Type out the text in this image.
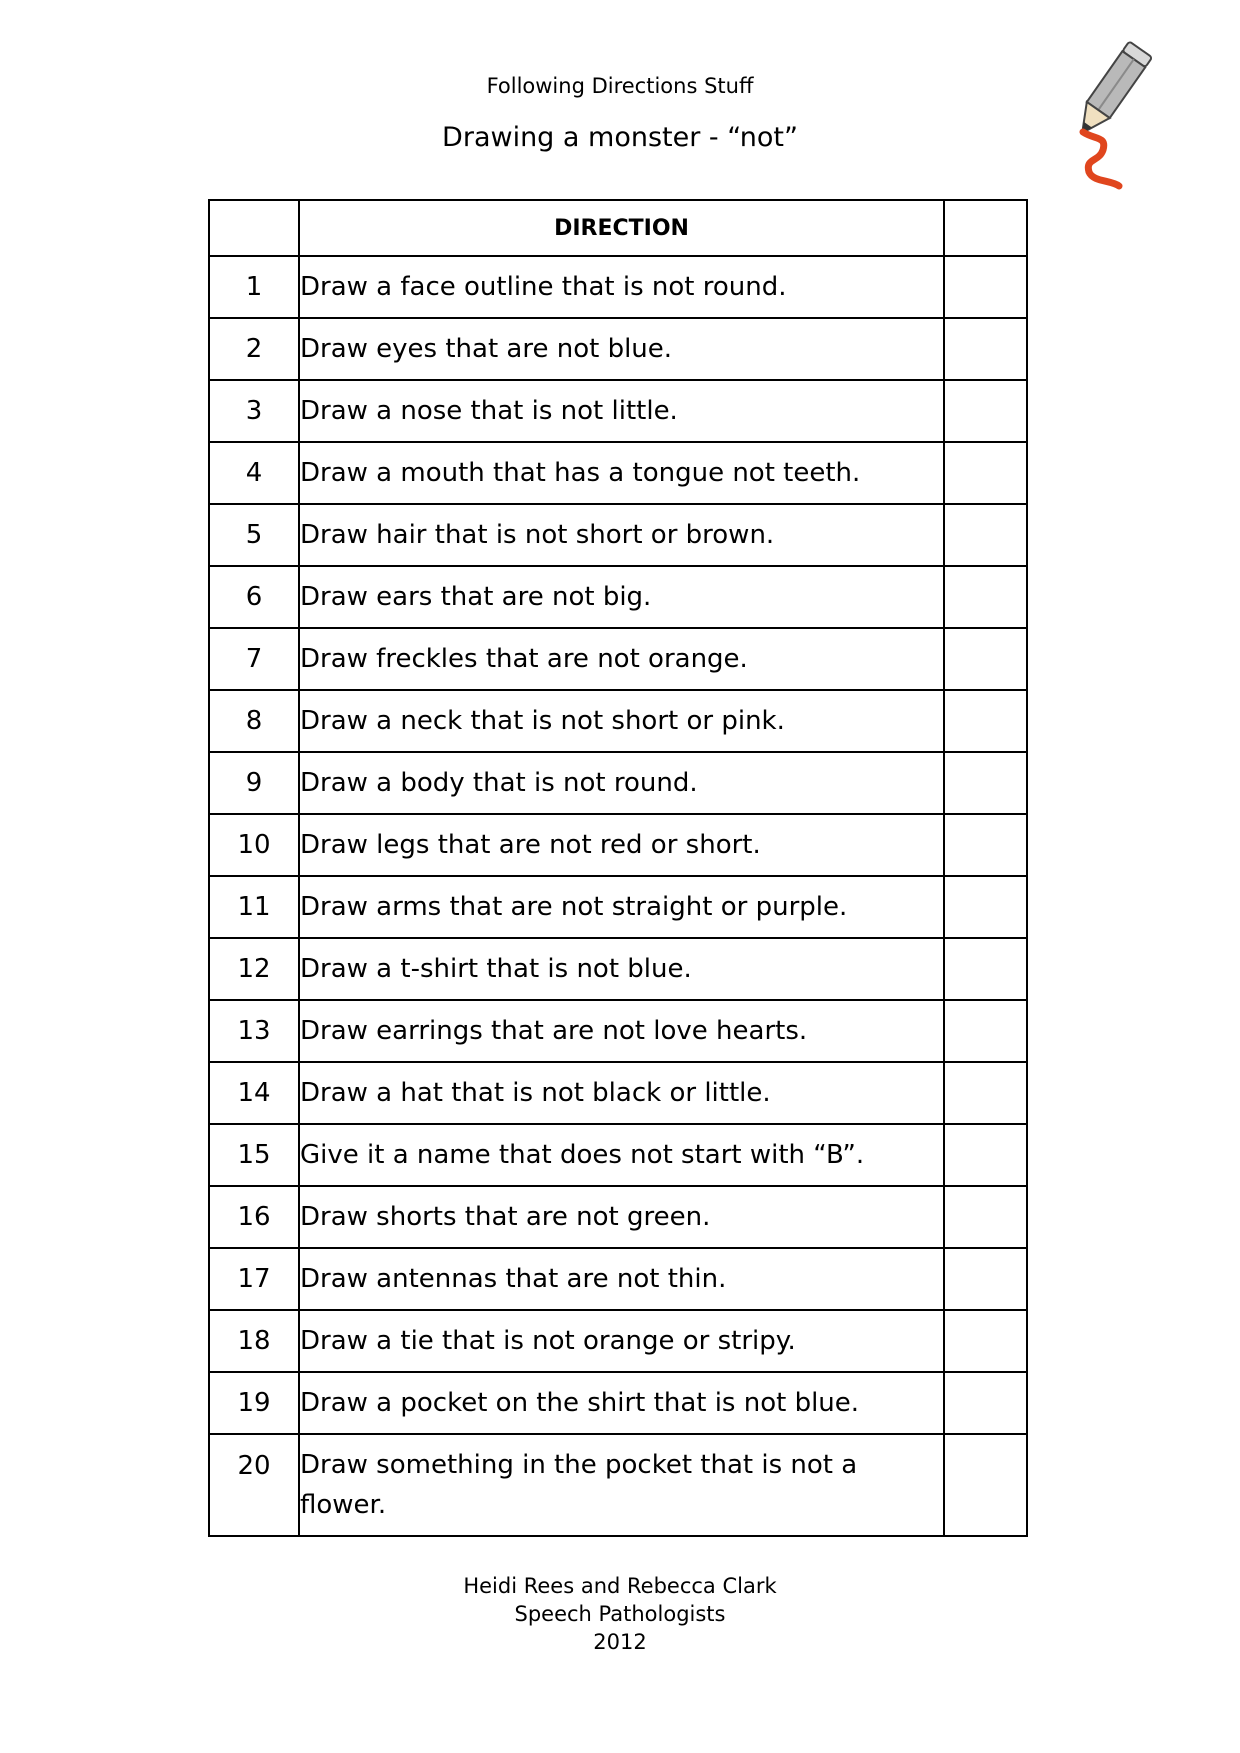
Following Directions Stuff
Drawing a monster - “not”
	DIRECTION	
1	Draw a face outline that is not round.	
2	Draw eyes that are not blue.	
3	Draw a nose that is not little.	
4	Draw a mouth that has a tongue not teeth.	
5	Draw hair that is not short or brown.	
6	Draw ears that are not big.	
7	Draw freckles that are not orange.	
8	Draw a neck that is not short or pink.	
9	Draw a body that is not round.	
10	Draw legs that are not red or short.	
11	Draw arms that are not straight or purple.	
12	Draw a t-shirt that is not blue.	
13	Draw earrings that are not love hearts.	
14	Draw a hat that is not black or little.	
15	Give it a name that does not start with “B”.	
16	Draw shorts that are not green.	
17	Draw antennas that are not thin.	
18	Draw a tie that is not orange or stripy.	
19	Draw a pocket on the shirt that is not blue.	
20	Draw something in the pocket that is not a flower.	
Heidi Rees and Rebecca Clark
Speech Pathologists
2012
